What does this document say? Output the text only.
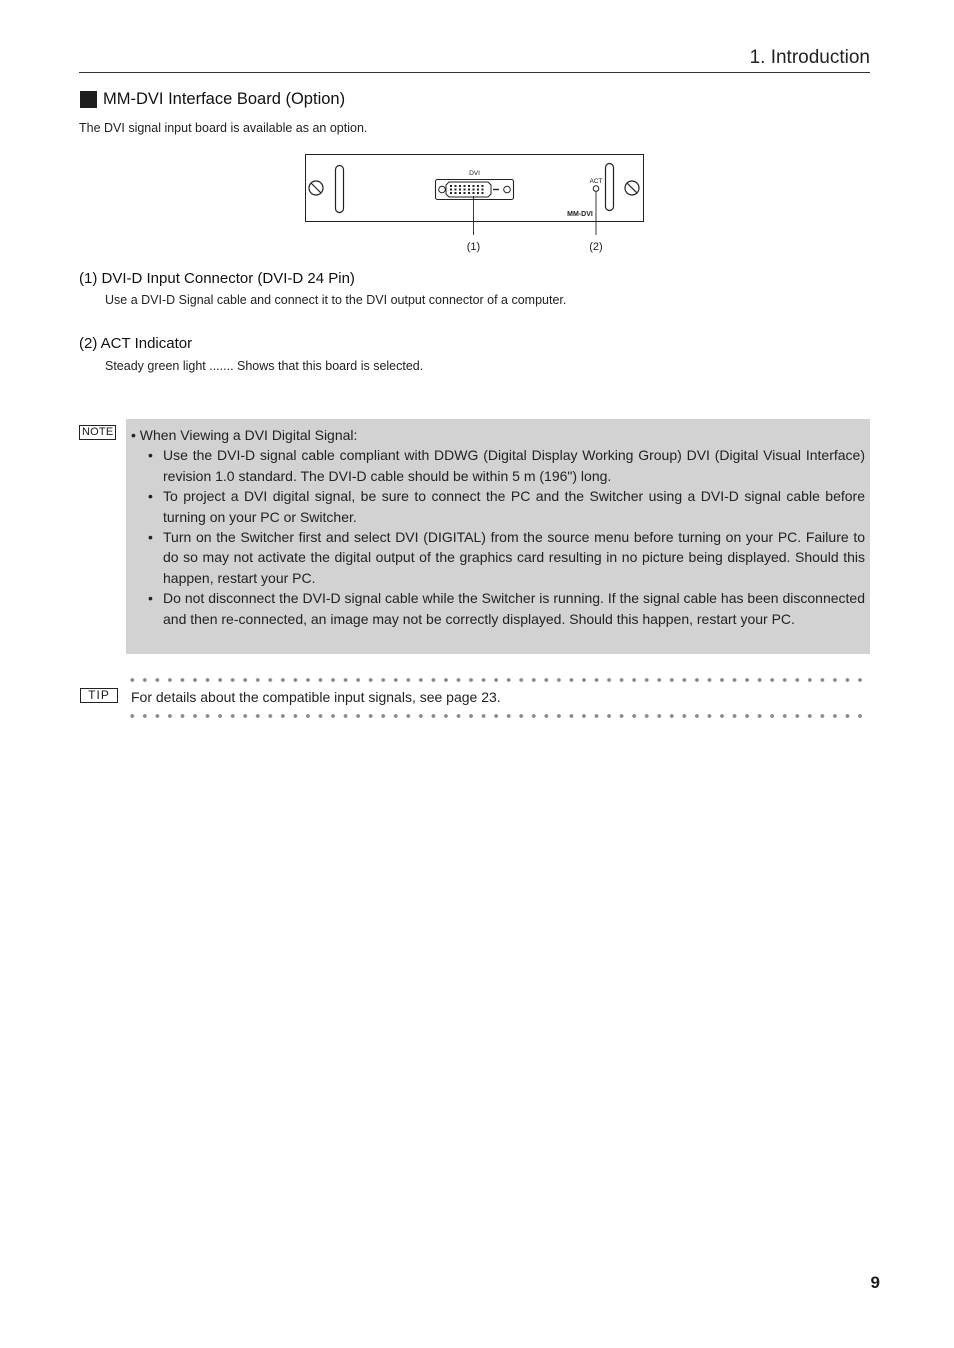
1. Introduction
MM-DVI Interface Board (Option)
The DVI signal input board is available as an option.
DVI
ACT
MM-DVI
(1)	(2)
(1) DVI-D Input Connector (DVI-D 24 Pin)
Use a DVI-D Signal cable and connect it to the DVI output connector of a computer.
(2) ACT Indicator
Steady green light ....... Shows that this board is selected.
NOTE • When Viewing a DVI Digital Signal:
• Use the DVI-D signal cable compliant with DDWG (Digital Display Working Group) DVI (Digital Visual Interface) revision 1.0 standard. The DVI-D cable should be within 5 m (196") long.
• To project a DVI digital signal, be sure to connect the PC and the Switcher using a DVI-D signal cable before turning on your PC or Switcher.
• Turn on the Switcher first and select DVI (DIGITAL) from the source menu before turning on your PC. Failure to do so may not activate the digital output of the graphics card resulting in no picture being displayed. Should this happen, restart your PC.
• Do not disconnect the DVI-D signal cable while the Switcher is running. If the signal cable has been disconnected and then re-connected, an image may not be correctly displayed. Should this happen, restart your PC.
TIP	For details about the compatible input signals, see page 23.
9
